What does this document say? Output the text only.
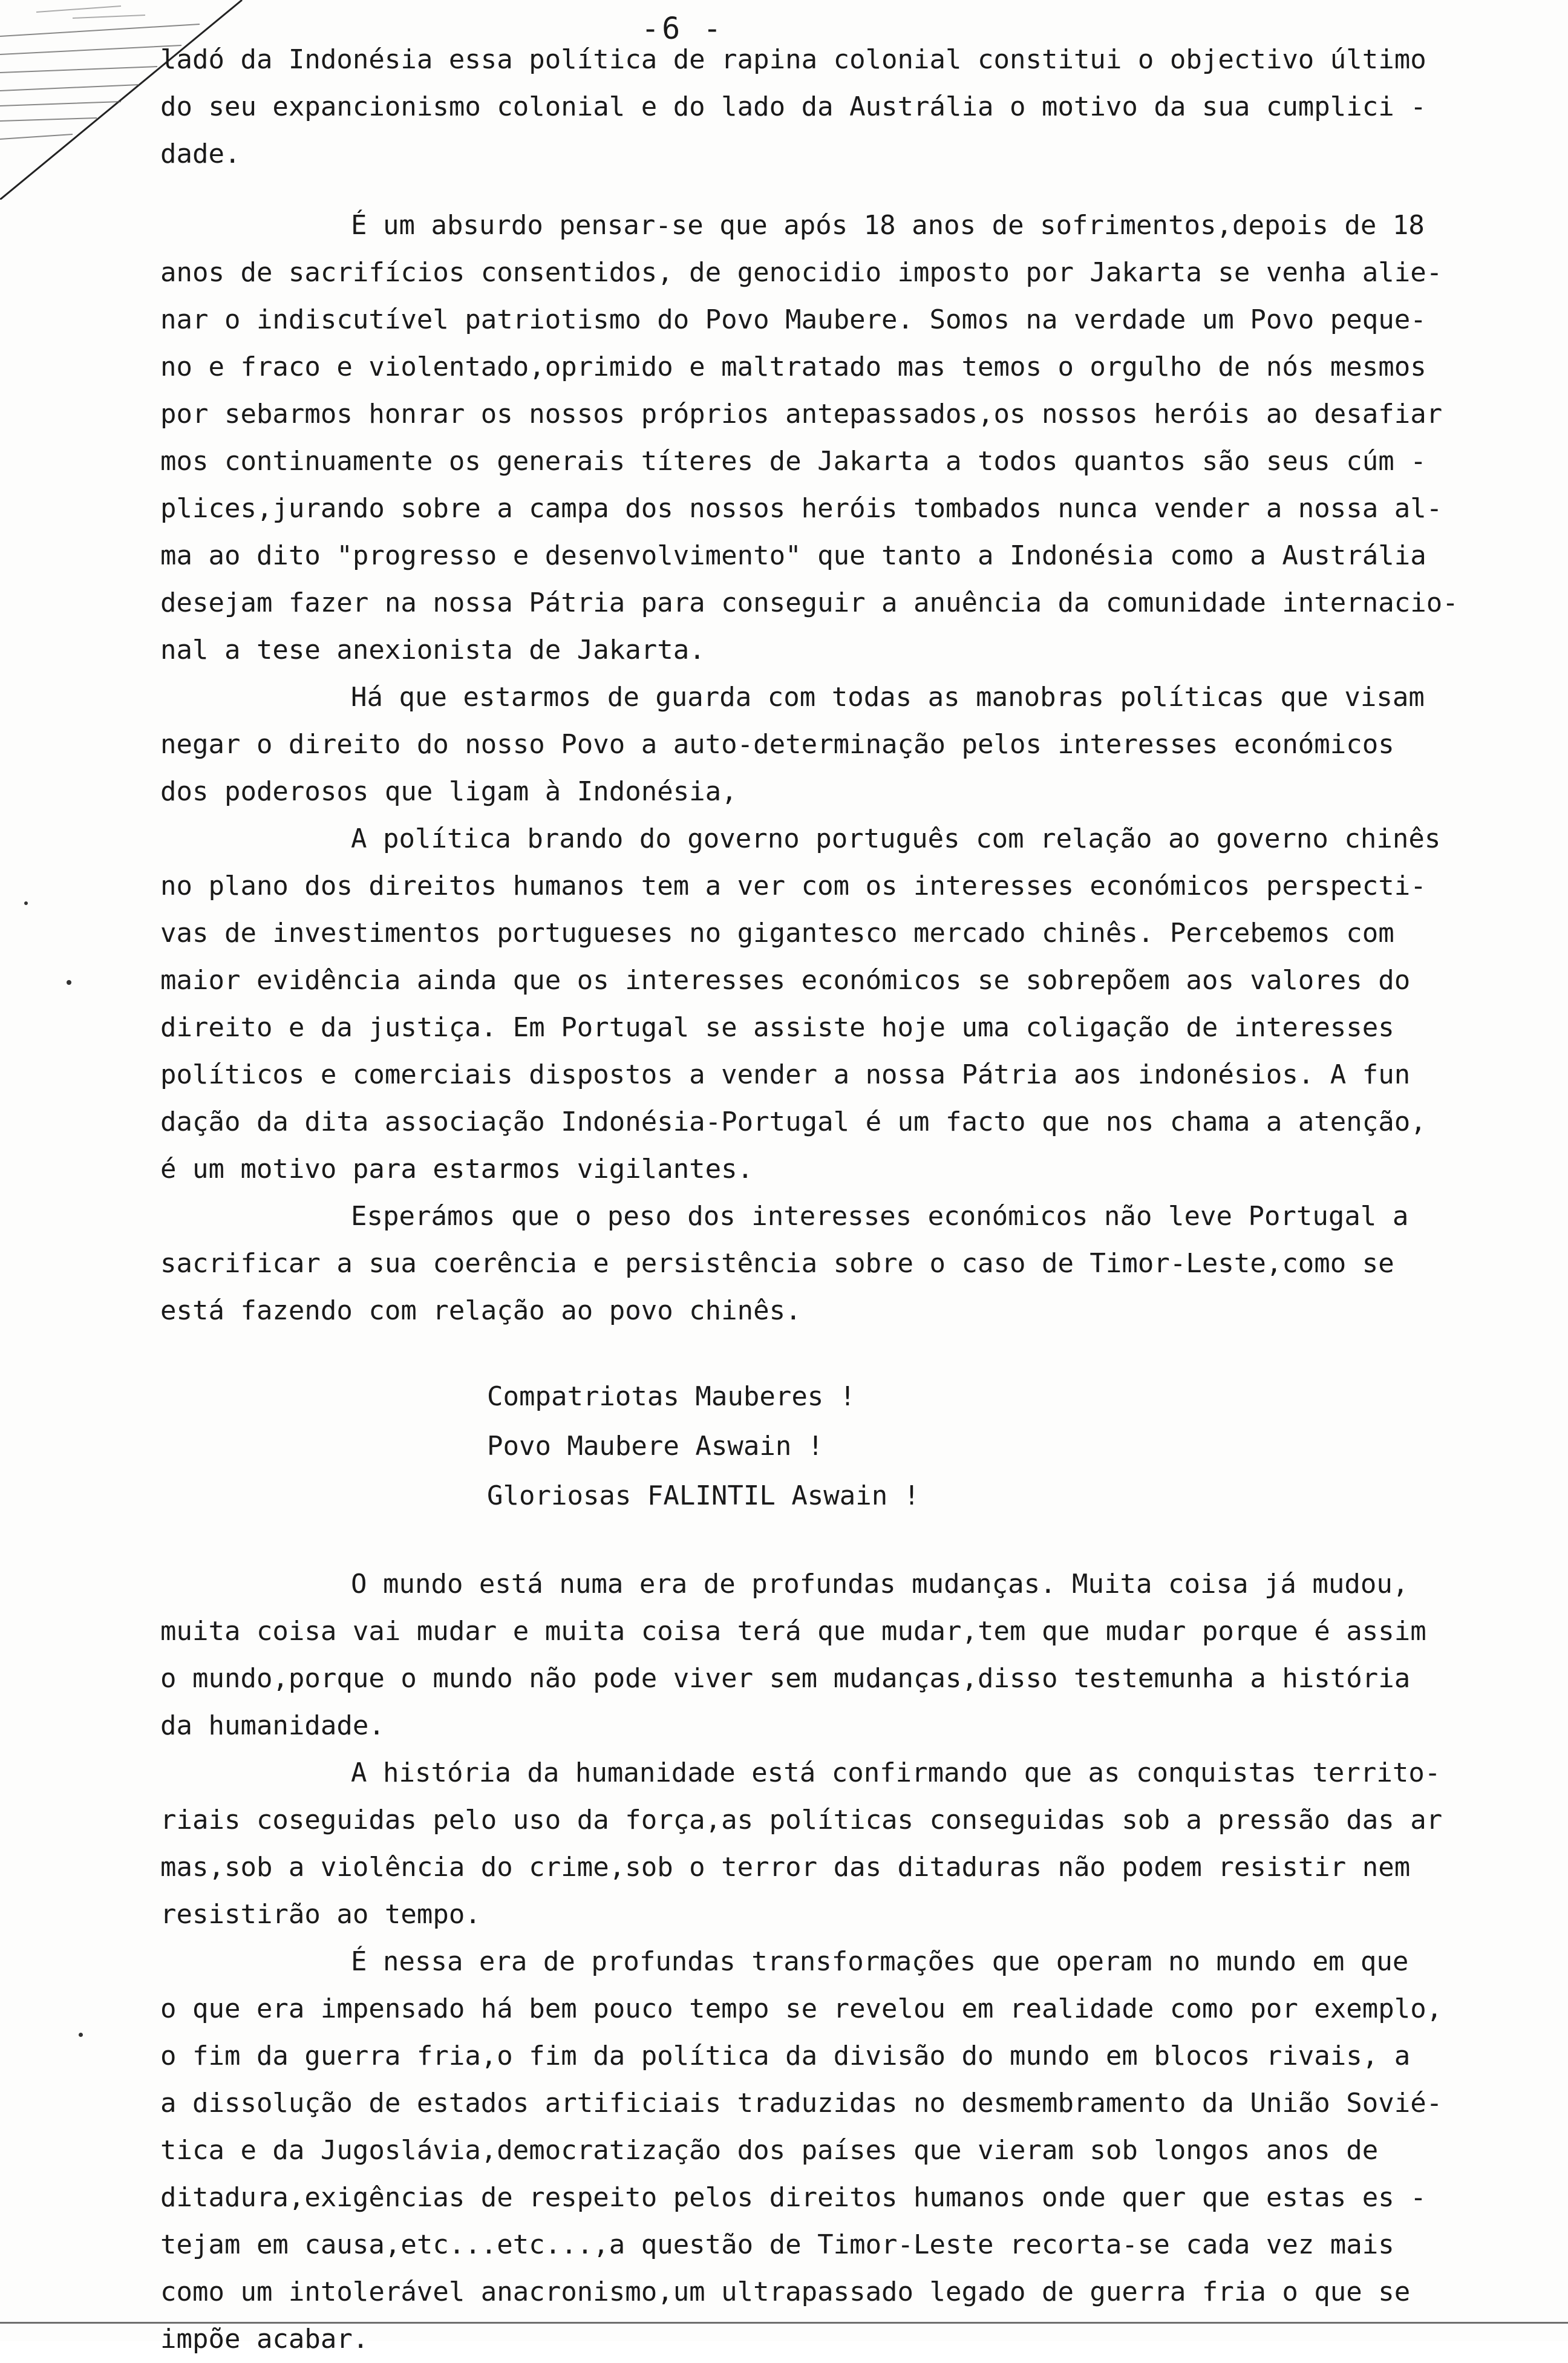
-6 -
ladó da Indonésia essa política de rapina colonial constitui o objectivo último
do seu expancionismo colonial e do lado da Austrália o motivo da sua cumplici -
dade.
É um absurdo pensar-se que após 18 anos de sofrimentos,depois de 18
anos de sacrifícios consentidos, de genocidio imposto por Jakarta se venha alie-
nar o indiscutível patriotismo do Povo Maubere. Somos na verdade um Povo peque-
no e fraco e violentado,oprimido e maltratado mas temos o orgulho de nós mesmos
por sebarmos honrar os nossos próprios antepassados,os nossos heróis ao desafiar
mos continuamente os generais títeres de Jakarta a todos quantos são seus cúm -
plices,jurando sobre a campa dos nossos heróis tombados nunca vender a nossa al-
ma ao dito "progresso e desenvolvimento" que tanto a Indonésia como a Austrália
desejam fazer na nossa Pátria para conseguir a anuência da comunidade internacio-
nal a tese anexionista de Jakarta.
Há que estarmos de guarda com todas as manobras políticas que visam
negar o direito do nosso Povo a auto-determinação pelos interesses económicos
dos poderosos que ligam à Indonésia,
A política brando do governo português com relação ao governo chinês
no plano dos direitos humanos tem a ver com os interesses económicos perspecti-
vas de investimentos portugueses no gigantesco mercado chinês. Percebemos com
maior evidência ainda que os interesses económicos se sobrepõem aos valores do
direito e da justiça. Em Portugal se assiste hoje uma coligação de interesses
políticos e comerciais dispostos a vender a nossa Pátria aos indonésios. A fun
dação da dita associação Indonésia-Portugal é um facto que nos chama a atenção,
é um motivo para estarmos vigilantes.
Esperámos que o peso dos interesses económicos não leve Portugal a
sacrificar a sua coerência e persistência sobre o caso de Timor-Leste,como se
está fazendo com relação ao povo chinês.
Compatriotas Mauberes !
Povo Maubere Aswain !
Gloriosas FALINTIL Aswain !
O mundo está numa era de profundas mudanças. Muita coisa já mudou,
muita coisa vai mudar e muita coisa terá que mudar,tem que mudar porque é assim
o mundo,porque o mundo não pode viver sem mudanças,disso testemunha a história
da humanidade.
A história da humanidade está confirmando que as conquistas territo-
riais coseguidas pelo uso da força,as políticas conseguidas sob a pressão das ar
mas,sob a violência do crime,sob o terror das ditaduras não podem resistir nem
resistirão ao tempo.
É nessa era de profundas transformações que operam no mundo em que
o que era impensado há bem pouco tempo se revelou em realidade como por exemplo,
o fim da guerra fria,o fim da política da divisão do mundo em blocos rivais, a
a dissolução de estados artificiais traduzidas no desmembramento da União Sovié-
tica e da Jugoslávia,democratização dos países que vieram sob longos anos de
ditadura,exigências de respeito pelos direitos humanos onde quer que estas es -
tejam em causa,etc...etc...,a questão de Timor-Leste recorta-se cada vez mais
como um intolerável anacronismo,um ultrapassado legado de guerra fria o que se
impõe acabar.
